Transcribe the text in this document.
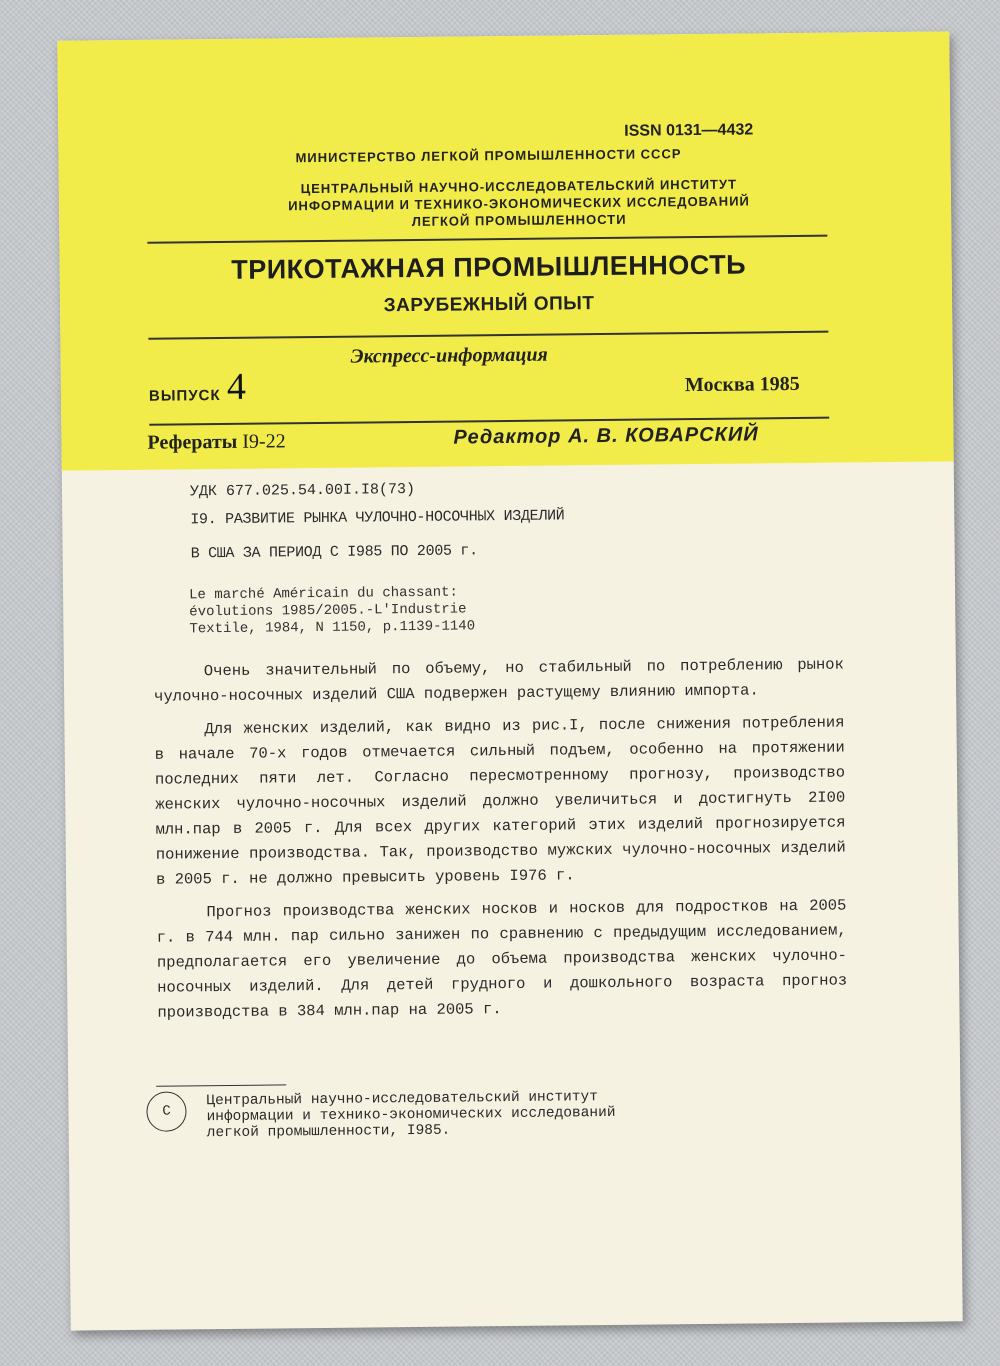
ISSN 0131—4432
МИНИСТЕРСТВО ЛЕГКОЙ ПРОМЫШЛЕННОСТИ СССР
ЦЕНТРАЛЬНЫЙ НАУЧНО-ИССЛЕДОВАТЕЛЬСКИЙ ИНСТИТУТ
ИНФОРМАЦИИ И ТЕХНИКО-ЭКОНОМИЧЕСКИХ ИССЛЕДОВАНИЙ
ЛЕГКОЙ ПРОМЫШЛЕННОСТИ
ТРИКОТАЖНАЯ ПРОМЫШЛЕННОСТЬ
ЗАРУБЕЖНЫЙ ОПЫТ
Экспресс-информация
ВЫПУСК 4	Москва 1985
Рефераты I9-22	Редактор А. В. КОВАРСКИЙ
УДК 677.025.54.00I.I8(73)
I9. РАЗВИТИЕ РЫНКА ЧУЛОЧНО-НОСОЧНЫХ ИЗДЕЛИЙ
В США ЗА ПЕРИОД С I985 ПО 2005 г.
Le marché Américain du chassant:
évolutions 1985/2005.-L'Industrie
Textile, 1984, N 1150, p.1139-1140

Очень значительный по объему, но стабильный по потреблению рынок чулочно-носочных изделий США подвержен растущему влиянию импорта.

Для женских изделий, как видно из рис.I, после снижения потребления в начале 70-х годов отмечается сильный подъем, особенно на протяжении последних пяти лет. Согласно пересмотренному прогнозу, производство женских чулочно-носочных изделий должно увеличиться и достигнуть 2I00 млн.пар в 2005 г. Для всех других категорий этих изделий прогнозируется понижение производства. Так, производство мужских чулочно-носочных изделий в 2005 г. не должно превысить уровень I976 г.

Прогноз производства женских носков и носков для подростков на 2005 г. в 744 млн. пар сильно занижен по сравнению с предыдущим исследованием, предполагается его увеличение до объема производства женских чулочно-носочных изделий. Для детей грудного и дошкольного возраста прогноз производства в 384 млн.пар на 2005 г.

С
Центральный научно-исследовательский институт
информации и технико-экономических исследований
легкой промышленности, I985.
